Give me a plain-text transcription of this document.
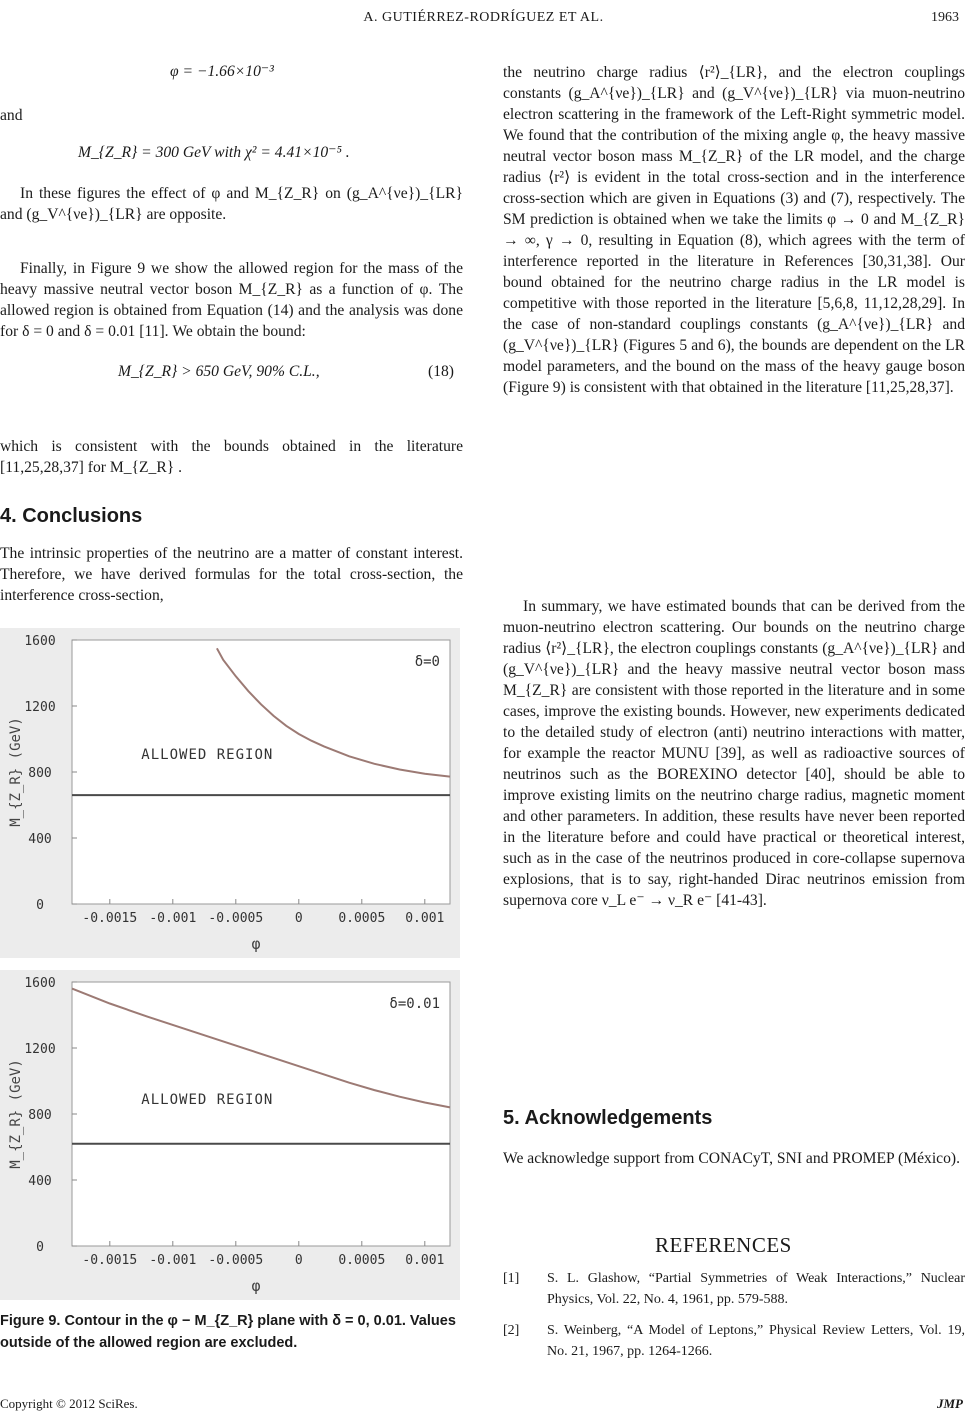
A. GUTIÉRREZ-RODRÍGUEZ ET AL.	1963
φ = −1.66×10⁻³

and

M_{Z_R} = 300 GeV with χ² = 4.41×10⁻⁵ .

In these figures the effect of φ and M_{Z_R} on (g_A^{νe})_{LR} and (g_V^{νe})_{LR} are opposite.

Finally, in Figure 9 we show the allowed region for the mass of the heavy massive neutral vector boson M_{Z_R} as a function of φ. The allowed region is obtained from Equation (14) and the analysis was done for δ = 0 and δ = 0.01 [11]. We obtain the bound:

M_{Z_R} > 650 GeV, 90% C.L.,	(18)

which is consistent with the bounds obtained in the literature [11,25,28,37] for M_{Z_R} .

4. Conclusions

The intrinsic properties of the neutrino are a matter of constant interest. Therefore, we have derived formulas for the total cross-section, the interference cross-section,

0
400
800
1200
1600
-0.0015 -0.001 -0.0005 0	0.0005 0.001
φ
M_{Z_R} (GeV)
δ=0
ALLOWED REGION
0
400
800
1200
1600
-0.0015 -0.001 -0.0005 0	0.0005 0.001
φ
M_{Z_R} (GeV)
δ=0.01
ALLOWED REGION
Figure 9. Contour in the φ − M_{Z_R} plane with δ = 0, 0.01. Values outside of the allowed region are excluded.

the neutrino charge radius ⟨r²⟩_{LR}, and the electron couplings constants (g_A^{νe})_{LR} and (g_V^{νe})_{LR} via muon-neutrino electron scattering in the framework of the Left-Right symmetric model. We found that the contribution of the mixing angle φ, the heavy massive neutral vector boson mass M_{Z_R} of the LR model, and the charge radius ⟨r²⟩ is evident in the total cross-section and in the interference cross-section which are given in Equations (3) and (7), respectively. The SM prediction is obtained when we take the limits φ → 0 and M_{Z_R} → ∞, γ → 0, resulting in Equation (8), which agrees with the term of interference reported in the literature in References [30,31,38]. Our bound obtained for the neutrino charge radius in the LR model is competitive with those reported in the literature [5,6,8, 11,12,28,29]. In the case of non-standard couplings constants (g_A^{νe})_{LR} and (g_V^{νe})_{LR} (Figures 5 and 6), the bounds are dependent on the LR model parameters, and the bound on the mass of the heavy gauge boson (Figure 9) is consistent with that obtained in the literature [11,25,28,37].

In summary, we have estimated bounds that can be derived from the muon-neutrino electron scattering. Our bounds on the neutrino charge radius ⟨r²⟩_{LR}, the electron couplings constants (g_A^{νe})_{LR} and (g_V^{νe})_{LR} and the heavy massive neutral vector boson mass M_{Z_R} are consistent with those reported in the literature and in some cases, improve the existing bounds. However, new experiments dedicated to the detailed study of electron (anti) neutrino interactions with matter, for example the reactor MUNU [39], as well as radioactive sources of neutrinos such as the BOREXINO detector [40], should be able to improve existing limits on the neutrino charge radius, magnetic moment and other parameters. In addition, these results have never been reported in the literature before and could have practical or theoretical interest, such as in the case of the neutrinos produced in core-collapse supernova explosions, that is to say, right-handed Dirac neutrinos emission from supernova core ν_L e⁻ → ν_R e⁻ [41-43].

5. Acknowledgements

We acknowledge support from CONACyT, SNI and PROMEP (México).

REFERENCES
[1] S. L. Glashow, “Partial Symmetries of Weak Interactions,” Nuclear Physics, Vol. 22, No. 4, 1961, pp. 579-588.
[2] S. Weinberg, “A Model of Leptons,” Physical Review Letters, Vol. 19, No. 21, 1967, pp. 1264-1266.
Copyright © 2012 SciRes.	JMP
